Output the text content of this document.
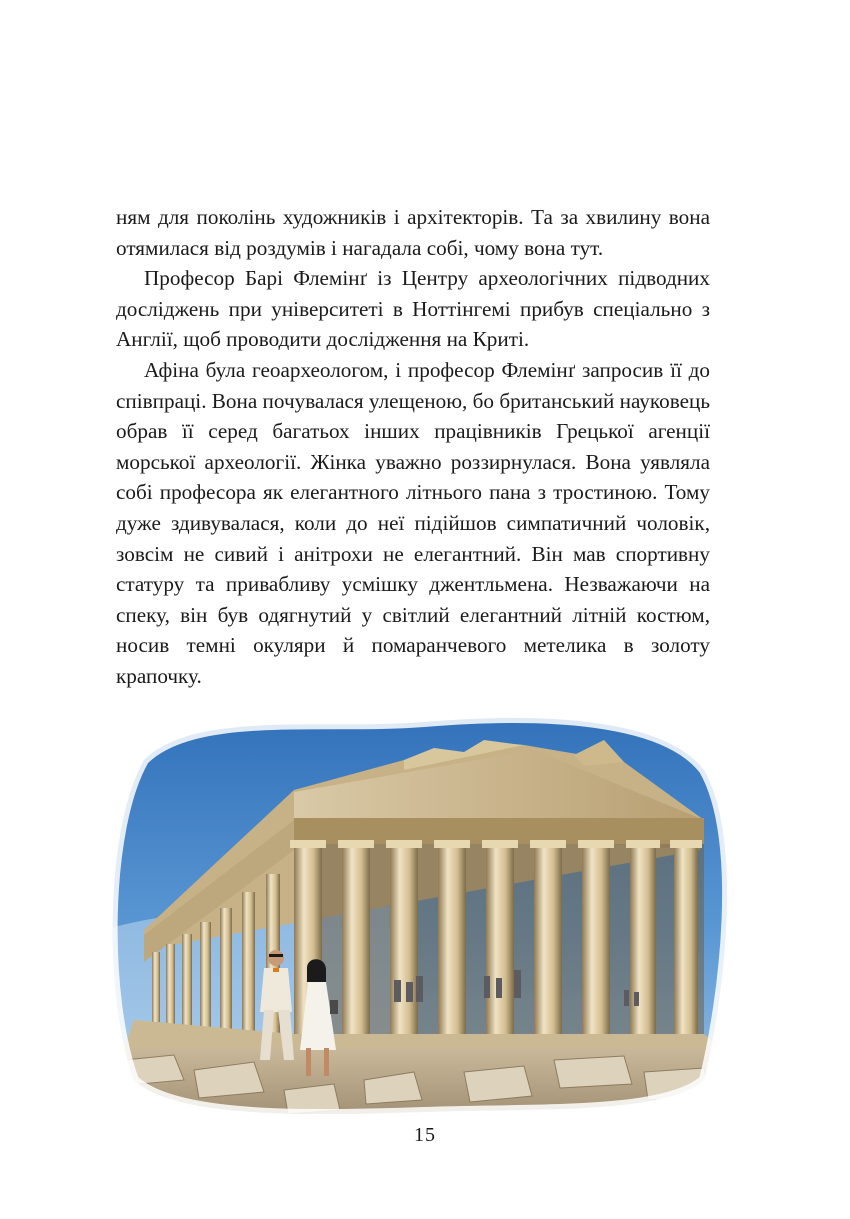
ням для поколінь художників і архітекторів. Та за хвилину вона отямилася від роздумів і нагадала собі, чому вона тут.

Професор Барі Флемінґ із Центру археологічних підводних досліджень при університеті в Ноттінгемі прибув спеціально з Англії, щоб проводити дослідження на Криті.

Афіна була геоархеологом, і професор Флемінґ запросив її до співпраці. Вона почувалася улещеною, бо британський науковець обрав її серед багатьох інших працівників Грецької агенції морської археології. Жінка уважно роззирнулася. Вона уявляла собі професора як елегантного літнього пана з тростиною. Тому дуже здивувалася, коли до неї підійшов симпатичний чоловік, зовсім не сивий і анітрохи не елегантний. Він мав спортивну статуру та привабливу усмішку джентльмена. Незважаючи на спеку, він був одягнутий у світлий елегантний літній костюм, носив темні окуляри й помаранчевого метелика в золоту крапочку.

15
